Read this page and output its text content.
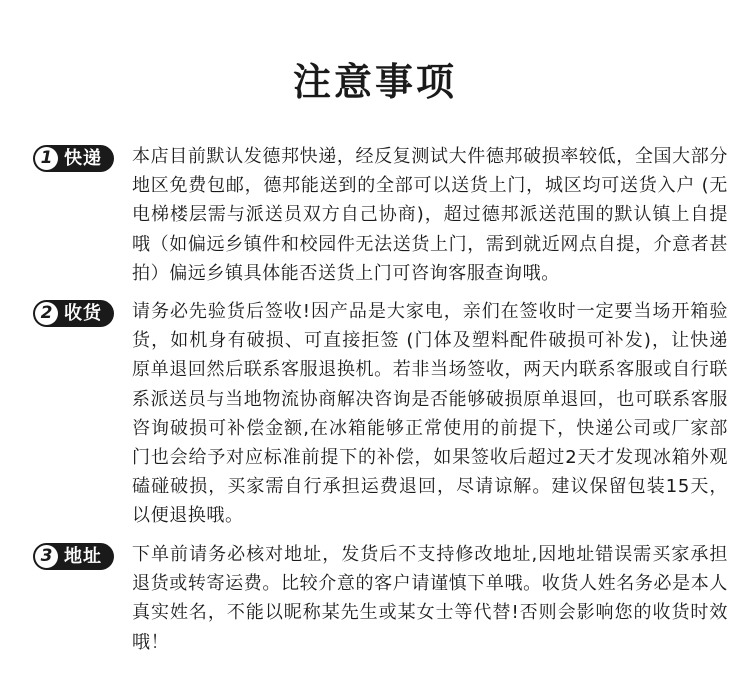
注意事项
1 快递 本店目前默认发德邦快递，经反复测试大件德邦破损率较低，全国大部分地区免费包邮，德邦能送到的全部可以送货上门，城区均可送货入户 (无电梯楼层需与派送员双方自己协商)，超过德邦派送范围的默认镇上自提哦（如偏远乡镇件和校园件无法送货上门，需到就近网点自提，介意者甚拍）偏远乡镇具体能否送货上门可咨询客服查询哦。
2 收货 请务必先验货后签收!因产品是大家电，亲们在签收时一定要当场开箱验货，如机身有破损、可直接拒签 (门体及塑料配件破损可补发)，让快递原单退回然后联系客服退换机。若非当场签收，两天内联系客服或自行联系派送员与当地物流协商解决咨询是否能够破损原单退回，也可联系客服咨询破损可补偿金额,在冰箱能够正常使用的前提下，快递公司或厂家部门也会给予对应标准前提下的补偿，如果签收后超过2天才发现冰箱外观磕碰破损，买家需自行承担运费退回，尽请谅解。建议保留包装15天，以便退换哦。
3 地址 下单前请务必核对地址，发货后不支持修改地址,因地址错误需买家承担退货或转寄运费。比较介意的客户请谨慎下单哦。收货人姓名务必是本人真实姓名，不能以昵称某先生或某女士等代替!否则会影响您的收货时效哦！
